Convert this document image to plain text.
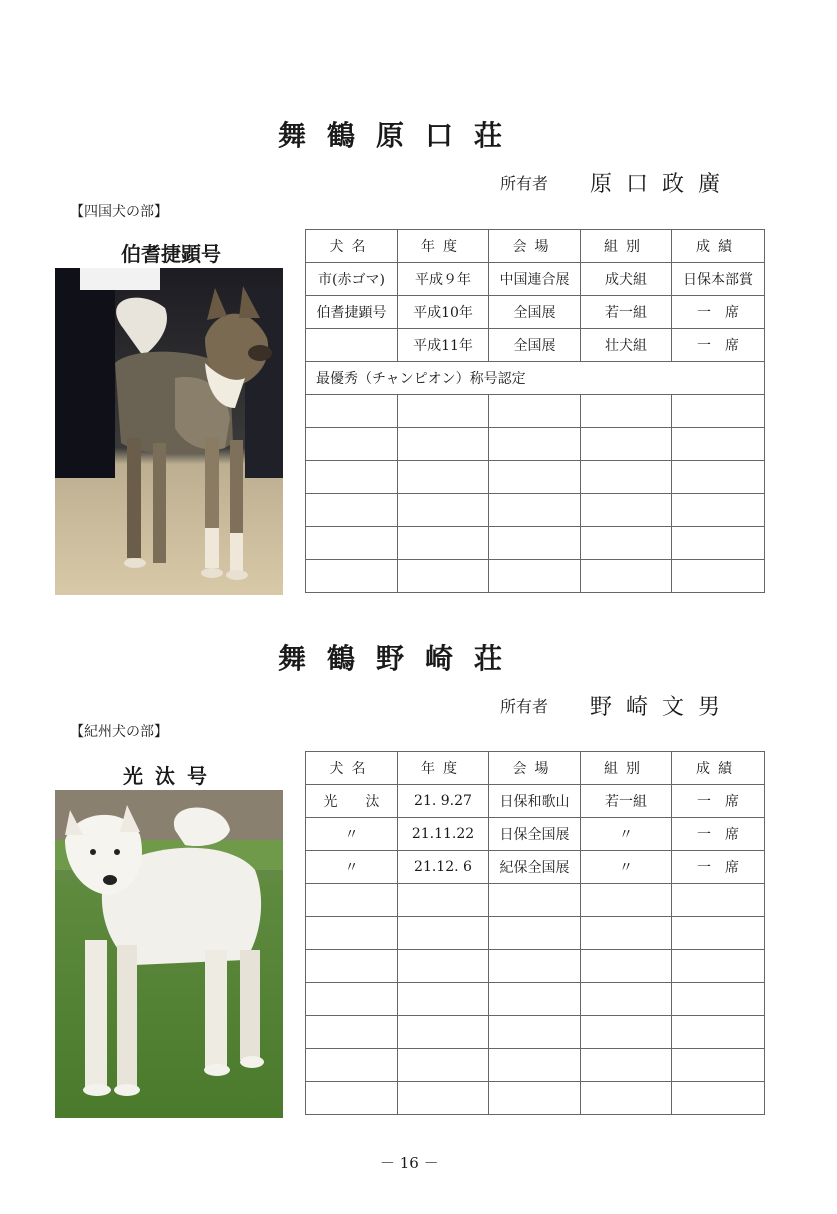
舞鶴原口荘
所有者 原口政廣
【四国犬の部】
伯耆捷顕号	犬名	年度	会場	組別	成績
市(赤ゴマ)	平成９年	中国連合展	成犬組	日保本部賞
伯耆捷顕号	平成10年	全国展	若一組	一　席
	平成11年	全国展	壮犬組	一　席
最優秀（チャンピオン）称号認定				

舞鶴野崎荘
所有者 野崎文男
【紀州犬の部】
光汰号	犬名	年度	会場	組別	成績
光　　汰	21. 9.27	日保和歌山	若一組	一　席
〃	21.11.22	日保全国展	〃	一　席
〃	21.12. 6	紀保全国展	〃	一　席

－ 16 －
